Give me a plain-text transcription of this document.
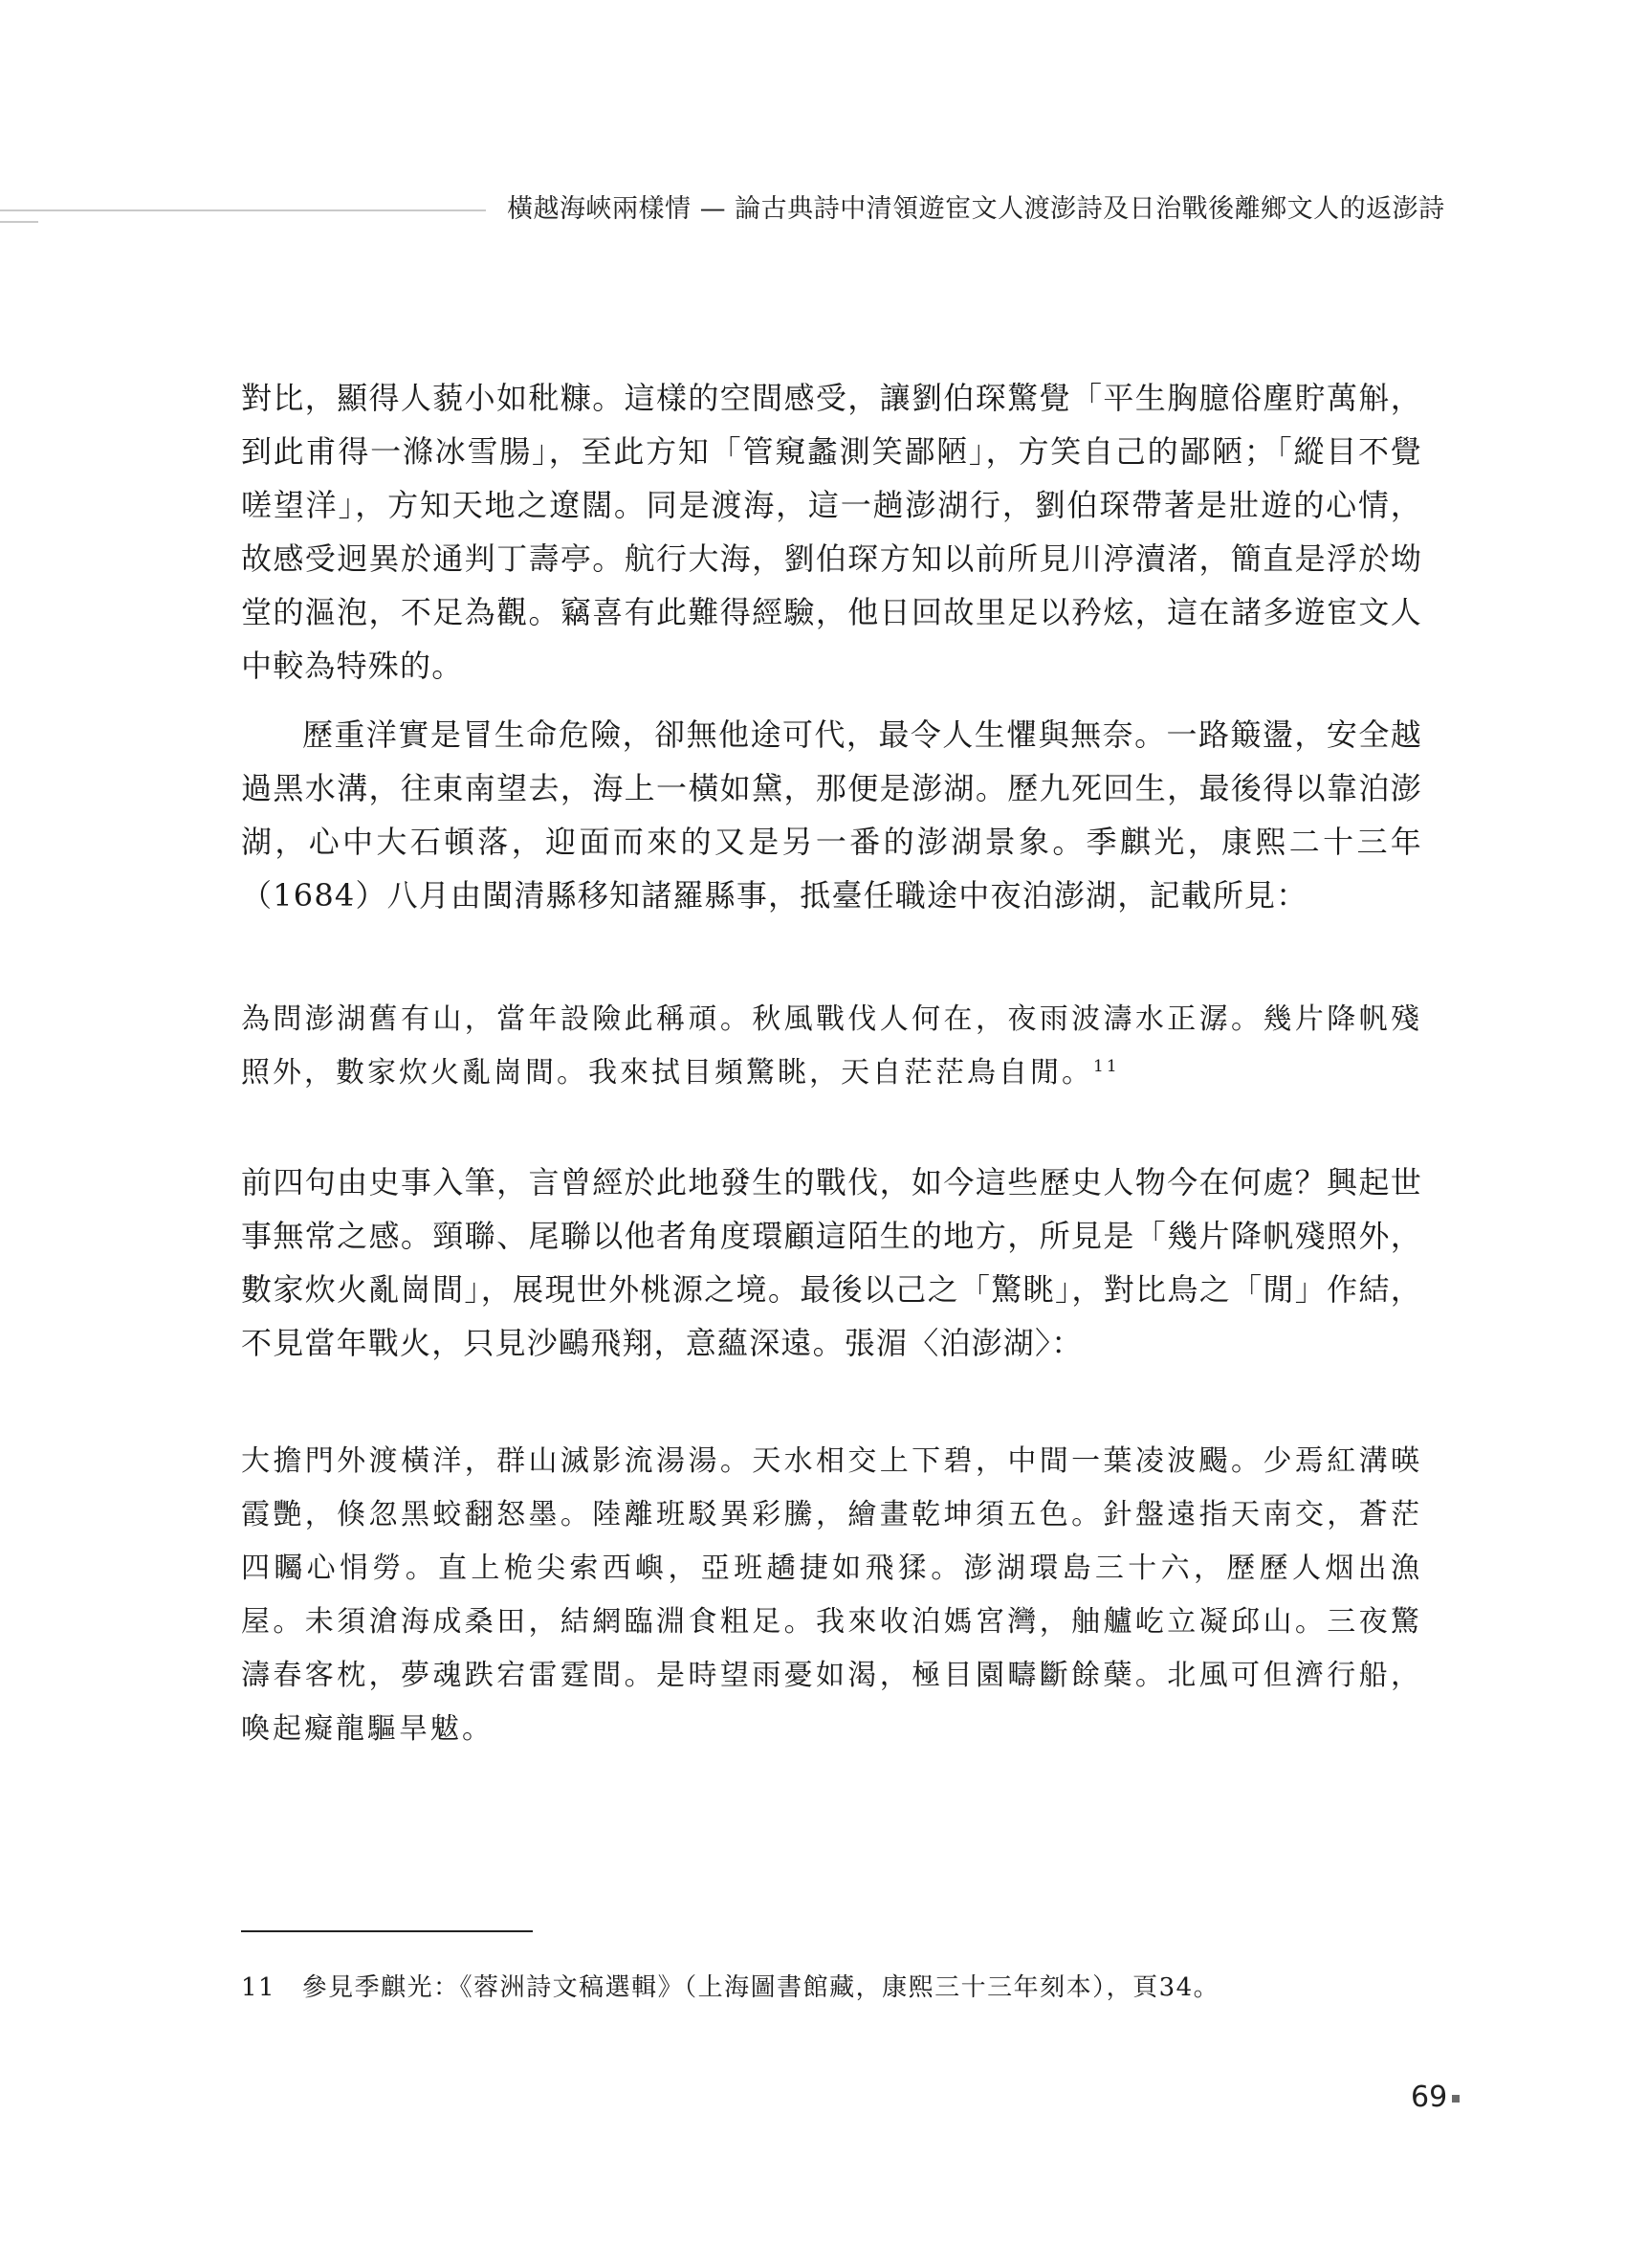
橫越海峽兩樣情 — 論古典詩中清領遊宦文人渡澎詩及日治戰後離鄉文人的返澎詩

對比，顯得人藐小如秕糠。這樣的空間感受，讓劉伯琛驚覺「平生胸臆俗塵貯萬斛，到此甫得一滌冰雪腸」，至此方知「管窺蠡測笑鄙陋」，方笑自己的鄙陋；「縱目不覺嗟望洋」，方知天地之遼闊。同是渡海，這一趟澎湖行，劉伯琛帶著是壯遊的心情，故感受迥異於通判丁壽亭。航行大海，劉伯琛方知以前所見川渟瀆渚，簡直是浮於坳堂的漚泡，不足為觀。竊喜有此難得經驗，他日回故里足以矜炫，這在諸多遊宦文人中較為特殊的。

歷重洋實是冒生命危險，卻無他途可代，最令人生懼與無奈。一路簸盪，安全越過黑水溝，往東南望去，海上一橫如黛，那便是澎湖。歷九死回生，最後得以靠泊澎湖，心中大石頓落，迎面而來的又是另一番的澎湖景象。季麒光，康熙二十三年（1684）八月由閩清縣移知諸羅縣事，抵臺任職途中夜泊澎湖，記載所見：

為問澎湖舊有山，當年設險此稱頑。秋風戰伐人何在，夜雨波濤水正潺。幾片降帆殘照外，數家炊火亂崗間。我來拭目頻驚眺，天自茫茫鳥自閒。$^{11}$

前四句由史事入筆，言曾經於此地發生的戰伐，如今這些歷史人物今在何處？興起世事無常之感。頸聯、尾聯以他者角度環顧這陌生的地方，所見是「幾片降帆殘照外，數家炊火亂崗間」，展現世外桃源之境。最後以己之「驚眺」，對比鳥之「閒」作結，不見當年戰火，只見沙鷗飛翔，意蘊深遠。張湄〈泊澎湖〉：

大擔門外渡橫洋，群山滅影流湯湯。天水相交上下碧，中間一葉凌波颺。少焉紅溝暎霞艷，倏忽黑蛟翻怒墨。陸離班駁異彩騰，繪畫乾坤須五色。針盤遠指天南交，蒼茫四矚心悁勞。直上桅尖索西嶼，亞班趫捷如飛猱。澎湖環島三十六，歷歷人烟出漁屋。未須滄海成桑田，結網臨淵食粗足。我來收泊媽宮灣，舳艫屹立凝邱山。三夜驚濤春客枕，夢魂跌宕雷霆間。是時望雨憂如渴，極目園疇斷餘蘖。北風可但濟行船，喚起癡龍驅旱魃。
11　參見季麒光：《蓉洲詩文稿選輯》（上海圖書館藏，康熙三十三年刻本），頁34。
69
